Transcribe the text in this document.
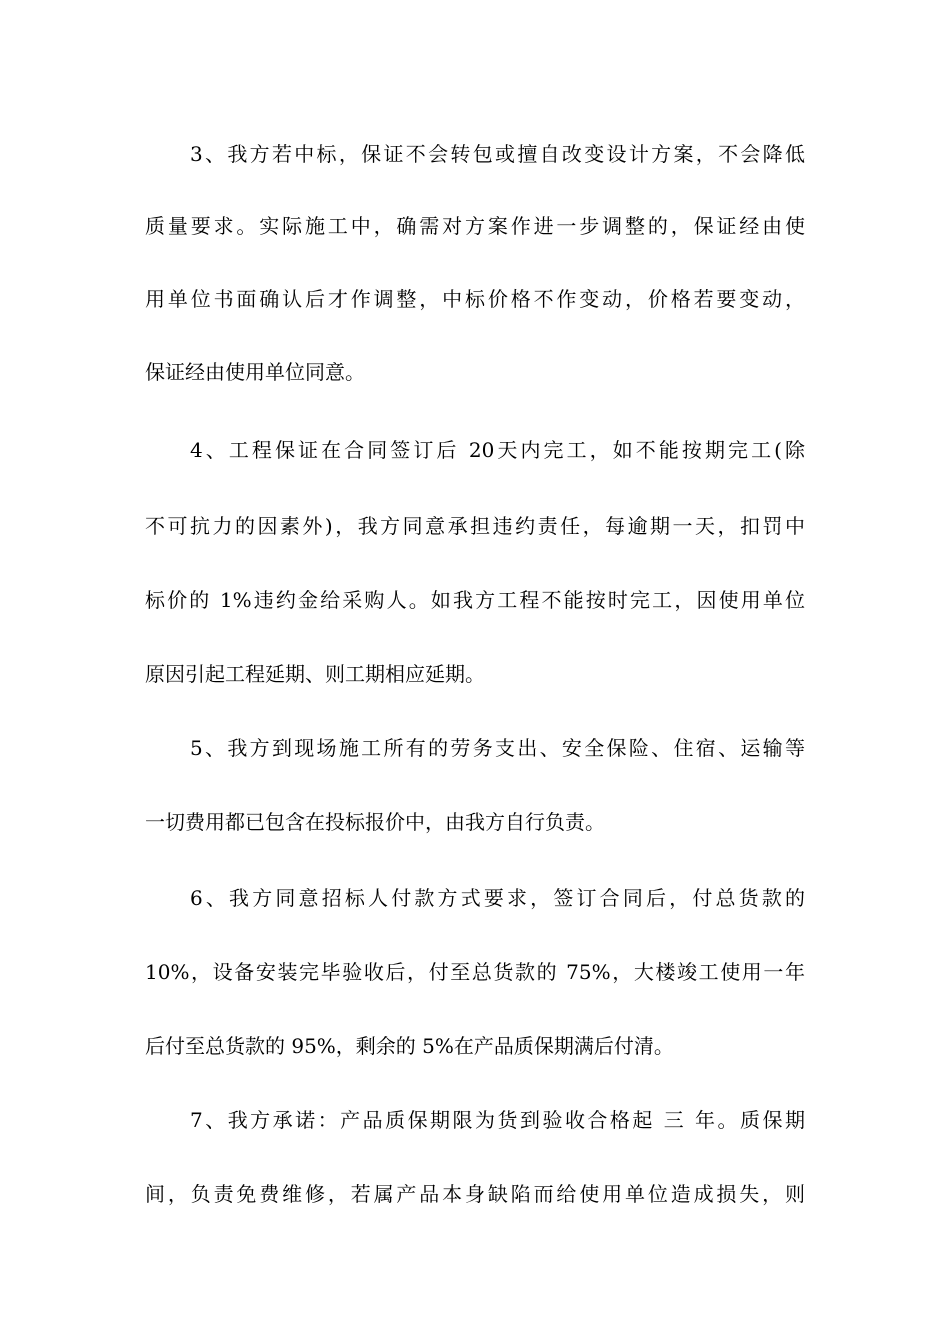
3、我方若中标，保证不会转包或擅自改变设计方案，不会降低
质量要求。实际施工中，确需对方案作进一步调整的，保证经由使
用单位书面确认后才作调整，中标价格不作变动，价格若要变动，
保证经由使用单位同意。
4、工程保证在合同签订后 20天内完工，如不能按期完工(除
不可抗力的因素外)，我方同意承担违约责任，每逾期一天，扣罚中
标价的 1%违约金给采购人。如我方工程不能按时完工，因使用单位
原因引起工程延期、则工期相应延期。
5、我方到现场施工所有的劳务支出、安全保险、住宿、运输等
一切费用都已包含在投标报价中，由我方自行负责。
6、我方同意招标人付款方式要求，签订合同后，付总货款的
10%，设备安装完毕验收后，付至总货款的 75%，大楼竣工使用一年
后付至总货款的 95%，剩余的 5%在产品质保期满后付清。
7、我方承诺：产品质保期限为货到验收合格起 三 年。质保期
间，负责免费维修，若属产品本身缺陷而给使用单位造成损失，则
